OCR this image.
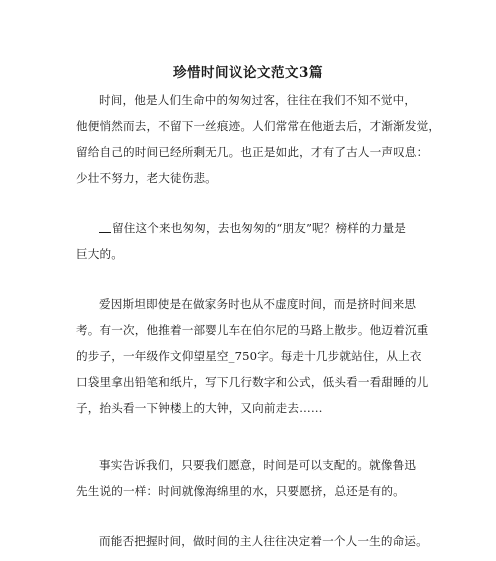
珍惜时间议论文范文3篇
时间，他是人们生命中的匆匆过客，往往在我们不知不觉中，
他便悄然而去，不留下一丝痕迹。人们常常在他逝去后，才渐渐发觉，
留给自己的时间已经所剩无几。也正是如此，才有了古人一声叹息：
少壮不努力，老大徒伤悲。
留住这个来也匆匆，去也匆匆的“朋友”呢？榜样的力量是
巨大的。
爱因斯坦即使是在做家务时也从不虚度时间，而是挤时间来思
考。有一次，他推着一部婴儿车在伯尔尼的马路上散步。他迈着沉重
的步子，一年级作文仰望星空_750字。每走十几步就站住，从上衣
口袋里拿出铅笔和纸片，写下几行数字和公式，低头看一看甜睡的儿
子，抬头看一下钟楼上的大钟，又向前走去……
事实告诉我们，只要我们愿意，时间是可以支配的。就像鲁迅
先生说的一样：时间就像海绵里的水，只要愿挤，总还是有的。
而能否把握时间，做时间的主人往往决定着一个人一生的命运。
